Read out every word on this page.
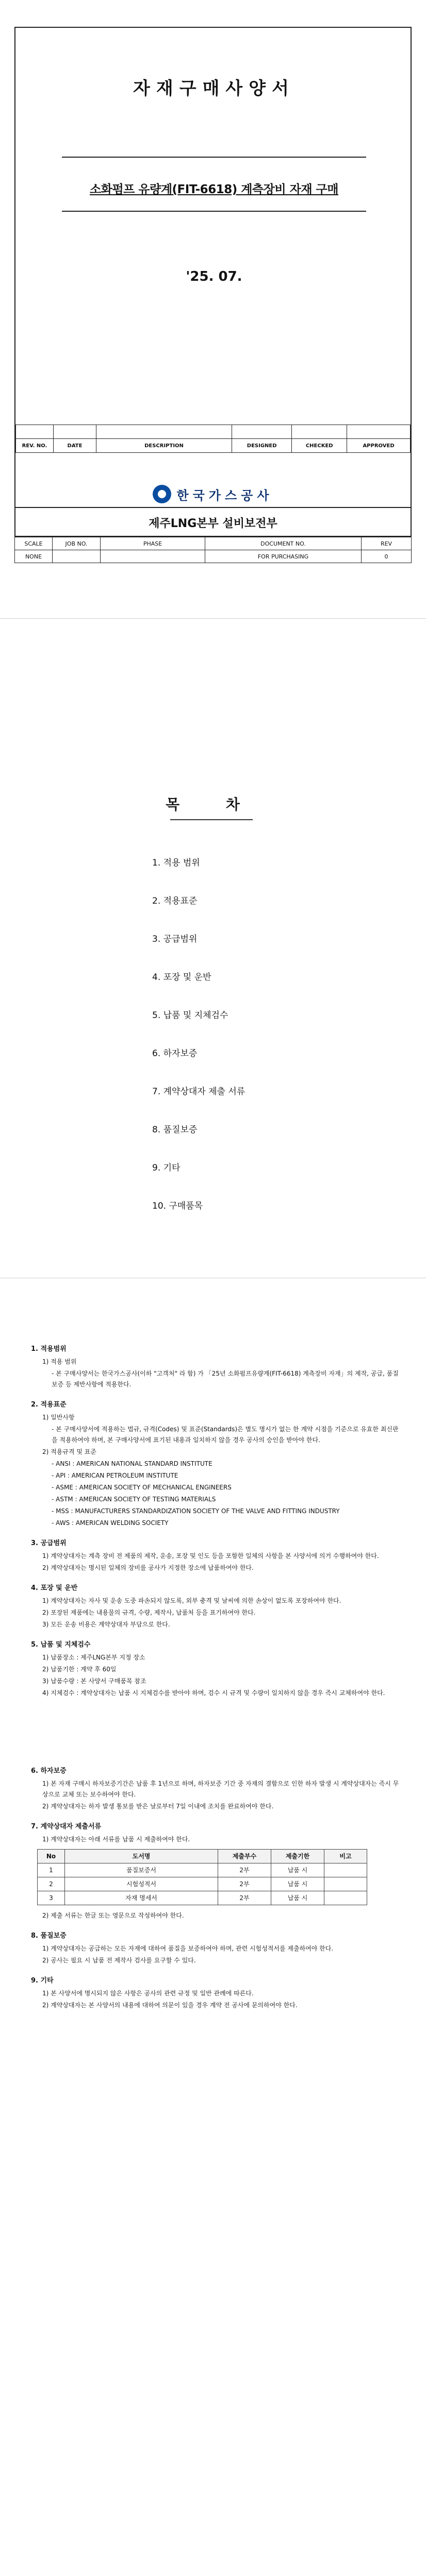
자재구매사양서
소화펌프 유량계(FIT-6618) 계측장비 자재 구매
'25. 07.

REV. NO.	DATE	DESCRIPTION	DESIGNED	CHECKED	APPROVED
한국가스공사
제주LNG본부 설비보전부
SCALE	JOB NO.	PHASE	DOCUMENT NO.	REV
NONE			FOR PURCHASING	0
목 차
1. 적용 범위
2. 적용표준
3. 공급범위
4. 포장 및 운반
5. 납품 및 지체검수
6. 하자보증
7. 계약상대자 제출 서류
8. 품질보증
9. 기타
10. 구매품목
1. 적용범위

1) 적용 범위

- 본 구매사양서는 한국가스공사(이하 "고객처" 라 함) 가 「25년 소화펌프유량계(FIT-6618) 계측장비 자재」의 제작, 공급, 품질보증 등 제반사항에 적용한다.

2. 적용표준

1) 일반사항

- 본 구매사양서에 적용하는 법규, 규격(Codes) 및 표준(Standards)은 별도 명시가 없는 한 계약 시점을 기준으로 유효한 최신판을 적용하여야 하며, 본 구매사양서에 표기된 내용과 일치하지 않을 경우 공사의 승인을 받아야 한다.

2) 적용규격 및 표준

- ANSI : AMERICAN NATIONAL STANDARD INSTITUTE

- API : AMERICAN PETROLEUM INSTITUTE

- ASME : AMERICAN SOCIETY OF MECHANICAL ENGINEERS

- ASTM : AMERICAN SOCIETY OF TESTING MATERIALS

- MSS : MANUFACTURERS STANDARDIZATION SOCIETY OF THE VALVE AND FITTING INDUSTRY

- AWS : AMERICAN WELDING SOCIETY

3. 공급범위

1) 계약상대자는 계측 장비 전 제품의 제작, 운송, 포장 및 인도 등을 포함한 일체의 사항을 본 사양서에 의거 수행하여야 한다.

2) 계약상대자는 명시된 일체의 장비를 공사가 지정한 장소에 납품하여야 한다.

4. 포장 및 운반

1) 계약상대자는 자사 및 운송 도중 파손되지 않도록, 외부 충격 및 날씨에 의한 손상이 없도록 포장하여야 한다.

2) 포장된 제품에는 내용물의 규격, 수량, 제작사, 납품처 등을 표기하여야 한다.

3) 모든 운송 비용은 계약상대자 부담으로 한다.

5. 납품 및 지체검수

1) 납품장소 : 제주LNG본부 지정 장소

2) 납품기한 : 계약 후 60일

3) 납품수량 : 본 사양서 구매품목 참조

4) 지체검수 : 계약상대자는 납품 시 지체검수를 받아야 하며, 검수 시 규격 및 수량이 일치하지 않을 경우 즉시 교체하여야 한다.

6. 하자보증

1) 본 자재 구매시 하자보증기간은 납품 후 1년으로 하며, 하자보증 기간 중 자재의 결함으로 인한 하자 발생 시 계약상대자는 즉시 무상으로 교체 또는 보수하여야 한다.

2) 계약상대자는 하자 발생 통보를 받은 날로부터 7일 이내에 조치를 완료하여야 한다.

7. 계약상대자 제출서류

1) 계약상대자는 아래 서류를 납품 시 제출하여야 한다.

No	도서명	제출부수	제출기한	비고
1	품질보증서	2부	납품 시	
2	시험성적서	2부	납품 시	
3	자재 명세서	2부	납품 시	

2) 제출 서류는 한글 또는 영문으로 작성하여야 한다.

8. 품질보증

1) 계약상대자는 공급하는 모든 자재에 대하여 품질을 보증하여야 하며, 관련 시험성적서를 제출하여야 한다.

2) 공사는 필요 시 납품 전 제작사 검사를 요구할 수 있다.

9. 기타

1) 본 사양서에 명시되지 않은 사항은 공사의 관련 규정 및 일반 관례에 따른다.

2) 계약상대자는 본 사양서의 내용에 대하여 의문이 있을 경우 계약 전 공사에 문의하여야 한다.
